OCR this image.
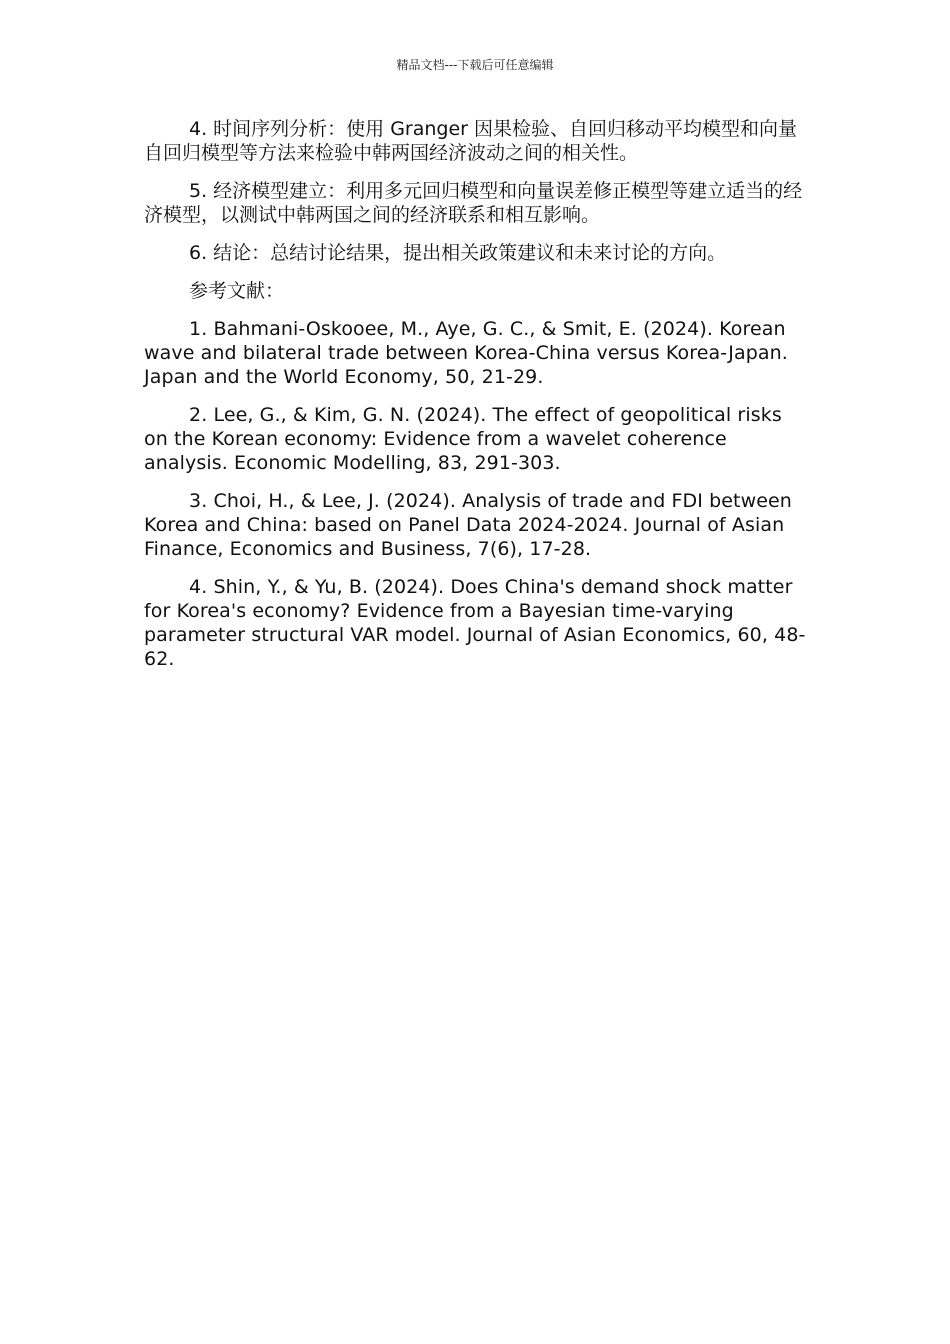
精品文档---下载后可任意编辑

4. 时间序列分析：使用 Granger 因果检验、自回归移动平均模型和向量自回归模型等方法来检验中韩两国经济波动之间的相关性。

5. 经济模型建立：利用多元回归模型和向量误差修正模型等建立适当的经济模型，以测试中韩两国之间的经济联系和相互影响。

6. 结论：总结讨论结果，提出相关政策建议和未来讨论的方向。

参考文献：

1. Bahmani-Oskooee, M., Aye, G. C., & Smit, E. (2024). Korean wave and bilateral trade between Korea-China versus Korea-Japan. Japan and the World Economy, 50, 21-29.

2. Lee, G., & Kim, G. N. (2024). The effect of geopolitical risks on the Korean economy: Evidence from a wavelet coherence analysis. Economic Modelling, 83, 291-303.

3. Choi, H., & Lee, J. (2024). Analysis of trade and FDI between Korea and China: based on Panel Data 2024-2024. Journal of Asian Finance, Economics and Business, 7(6), 17-28.

4. Shin, Y., & Yu, B. (2024). Does China's demand shock matter for Korea's economy? Evidence from a Bayesian time-varying parameter structural VAR model. Journal of Asian Economics, 60, 48-62.
